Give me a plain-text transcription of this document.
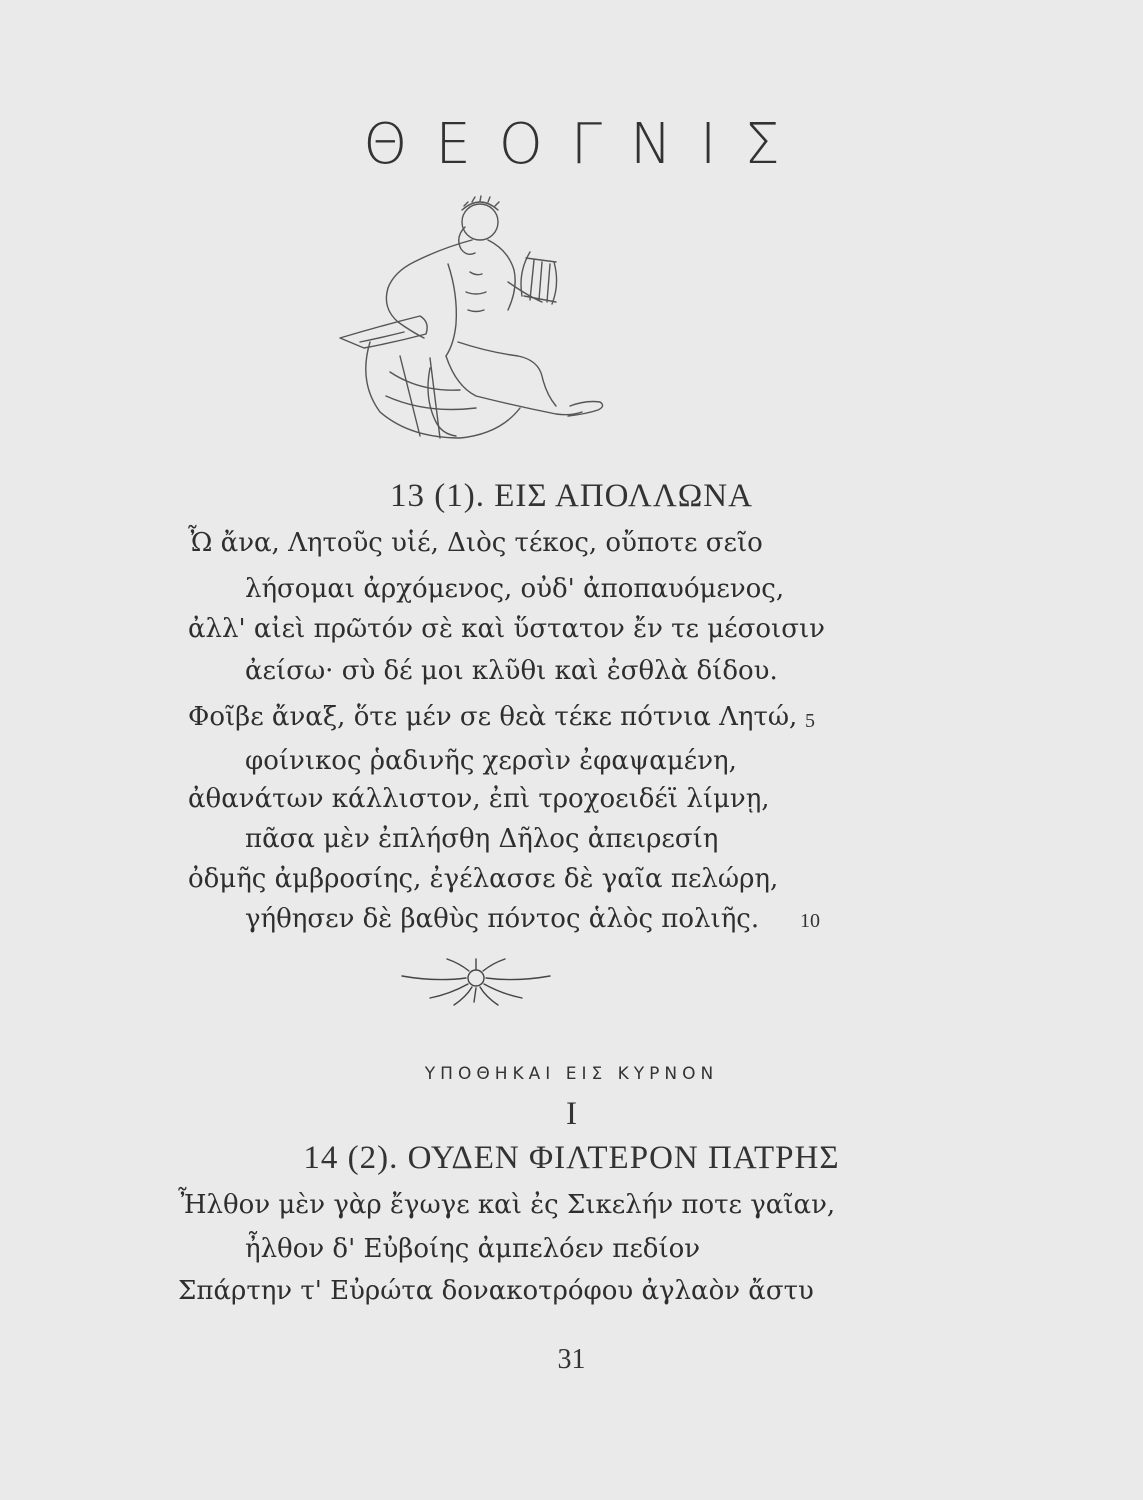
ΘΕΟΓΝΙΣ
13 (1). ΕΙΣ ΑΠΟΛΛΩΝΑ
Ὦ ἄνα, Λητοῦς υἱέ, Διὸς τέκος, οὔποτε σεῖο
λήσομαι ἀρχόμενος, οὐδ' ἀποπαυόμενος,
ἀλλ' αἰεὶ πρῶτόν σὲ καὶ ὕστατον ἔν τε μέσοισιν
ἀείσω· σὺ δέ μοι κλῦθι καὶ ἐσθλὰ δίδου.
Φοῖβε ἄναξ, ὅτε μέν σε θεὰ τέκε πότνια Λητώ, 5
φοίνικος ῥαδινῆς χερσὶν ἐφαψαμένη,
ἀθανάτων κάλλιστον, ἐπὶ τροχοειδέϊ λίμνῃ,
πᾶσα μὲν ἐπλήσθη Δῆλος ἀπειρεσίη
ὀδμῆς ἀμβροσίης, ἐγέλασσε δὲ γαῖα πελώρη,
γήθησεν δὲ βαθὺς πόντος ἁλὸς πολιῆς. 10
ΥΠΟΘΗΚΑΙ ΕΙΣ ΚΥΡΝΟΝ
I
14 (2). ΟΥΔΕΝ ΦΙΛΤΕΡΟΝ ΠΑΤΡΗΣ
Ἦλθον μὲν γὰρ ἔγωγε καὶ ἐς Σικελήν ποτε γαῖαν,
ἦλθον δ' Εὐβοίης ἀμπελόεν πεδίον
Σπάρτην τ' Εὐρώτα δονακοτρόφου ἀγλαὸν ἄστυ
31
